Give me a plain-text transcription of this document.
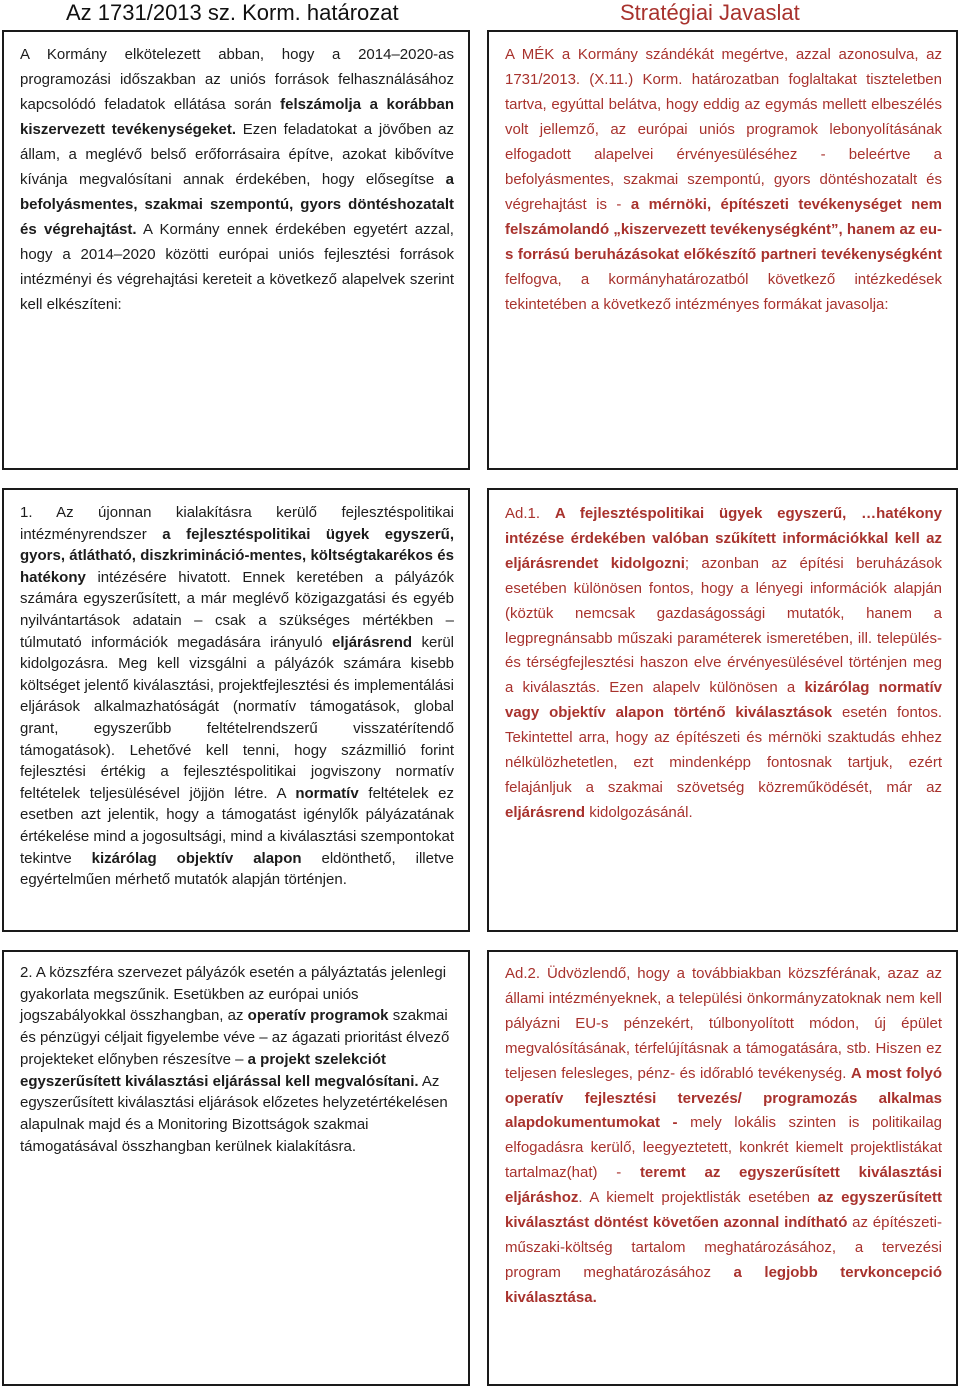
Az 1731/2013 sz. Korm. határozat	Stratégiai Javaslat
A Kormány elkötelezett abban, hogy a 2014–2020-as programozási időszakban az uniós források felhasználásához kapcsolódó feladatok ellátása során felszámolja a korábban kiszervezett tevékenységeket. Ezen feladatokat a jövőben az állam, a meglévő belső erőforrásaira építve, azokat kibővítve kívánja megvalósítani annak érdekében, hogy elősegítse a befolyásmentes, szakmai szempontú, gyors döntéshozatalt és végrehajtást. A Kormány ennek érdekében egyetért azzal, hogy a 2014–2020 közötti európai uniós fejlesztési források intézményi és végrehajtási kereteit a következő alapelvek szerint kell elkészíteni:
A MÉK a Kormány szándékát megértve, azzal azonosulva, az 1731/2013. (X.11.) Korm. határozatban foglaltakat tiszteletben tartva, egyúttal belátva, hogy eddig az egymás mellett elbeszélés volt jellemző, az európai uniós programok lebonyolításának elfogadott alapelvei érvényesüléséhez - beleértve a befolyásmentes, szakmai szempontú, gyors döntéshozatalt és végrehajtást is - a mérnöki, építészeti tevékenységet nem felszámolandó „kiszervezett tevékenységként”, hanem az eu-s forrású beruházásokat előkészítő partneri tevékenységként felfogva, a kormányhatározatból következő intézkedések tekintetében a következő intézményes formákat javasolja:
1. Az újonnan kialakításra kerülő fejlesztéspolitikai intézményrendszer a fejlesztéspolitikai ügyek egyszerű, gyors, átlátható, diszkrimináció-mentes, költségtakarékos és hatékony intézésére hivatott. Ennek keretében a pályázók számára egyszerűsített, a már meglévő közigazgatási és egyéb nyilvántartások adatain – csak a szükséges mértékben – túlmutató információk megadására irányuló eljárásrend kerül kidolgozásra. Meg kell vizsgálni a pályázók számára kisebb költséget jelentő kiválasztási, projektfejlesztési és implementálási eljárások alkalmazhatóságát (normatív támogatások, global grant, egyszerűbb feltételrendszerű visszatérítendő támogatások). Lehetővé kell tenni, hogy százmillió forint fejlesztési értékig a fejlesztéspolitikai jogviszony normatív feltételek teljesülésével jöjjön létre. A normatív feltételek ez esetben azt jelentik, hogy a támogatást igénylők pályázatának értékelése mind a jogosultsági, mind a kiválasztási szempontokat tekintve kizárólag objektív alapon eldönthető, illetve egyértelműen mérhető mutatók alapján történjen.
Ad.1. A fejlesztéspolitikai ügyek egyszerű, …hatékony intézése érdekében valóban szűkített információkkal kell az eljárásrendet kidolgozni; azonban az építési beruházások esetében különösen fontos, hogy a lényegi információk alapján (köztük nemcsak gazdaságossági mutatók, hanem a legpregnánsabb műszaki paraméterek ismeretében, ill. település- és térségfejlesztési haszon elve érvényesülésével történjen meg a kiválasztás. Ezen alapelv különösen a kizárólag normatív vagy objektív alapon történő kiválasztások esetén fontos. Tekintettel arra, hogy az építészeti és mérnöki szaktudás ehhez nélkülözhetetlen, ezt mindenképp fontosnak tartjuk, ezért felajánljuk a szakmai szövetség közreműködését, már az eljárásrend kidolgozásánál.
2. A közszféra szervezet pályázók esetén a pályáztatás jelenlegi gyakorlata megszűnik. Esetükben az európai uniós jogszabályokkal összhangban, az operatív programok szakmai és pénzügyi céljait figyelembe véve – az ágazati prioritást élvező projekteket előnyben részesítve – a projekt szelekciót egyszerűsített kiválasztási eljárással kell megvalósítani. Az egyszerűsített kiválasztási eljárások előzetes helyzetértékelésen alapulnak majd és a Monitoring Bizottságok szakmai támogatásával összhangban kerülnek kialakításra.
Ad.2. Üdvözlendő, hogy a továbbiakban közszférának, azaz az állami intézményeknek, a települési önkormányzatoknak nem kell pályázni EU-s pénzekért, túlbonyolított módon, új épület megvalósításának, térfelújításnak a támogatására, stb. Hiszen ez teljesen felesleges, pénz- és időrabló tevékenység. A most folyó operatív fejlesztési tervezés/ programozás alkalmas alapdokumentumokat - mely lokális szinten is politikailag elfogadásra kerülő, leegyeztetett, konkrét kiemelt projektlistákat tartalmaz(hat) - teremt az egyszerűsített kiválasztási eljáráshoz. A kiemelt projektlisták esetében az egyszerűsített kiválasztást döntést követően azonnal indítható az építészeti-műszaki-költség tartalom meghatározásához, a tervezési program meghatározásához a legjobb tervkoncepció kiválasztása.
